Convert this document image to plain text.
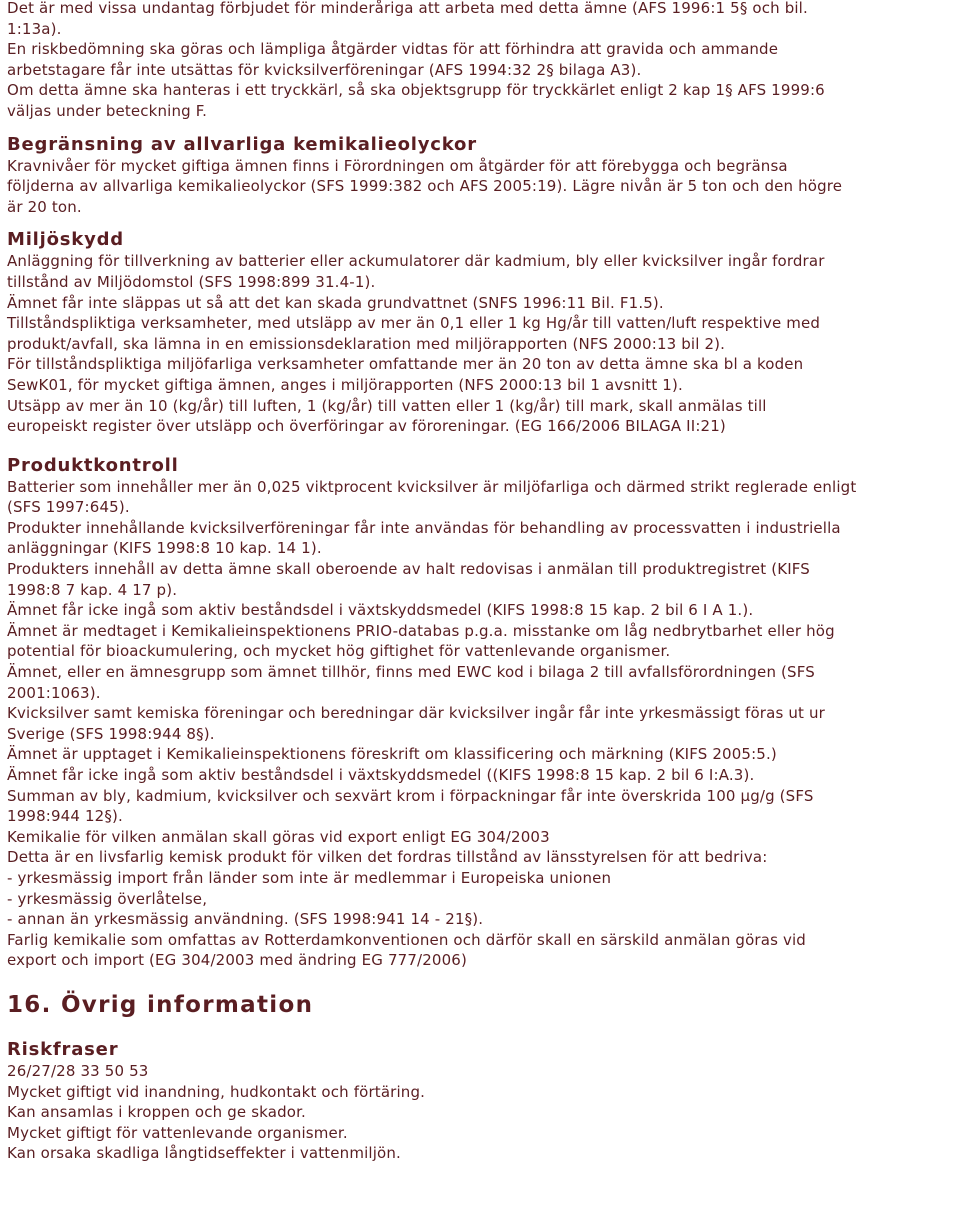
Det är med vissa undantag förbjudet för minderåriga att arbeta med detta ämne (AFS 1996:1 5§ och bil.
1:13a).
En riskbedömning ska göras och lämpliga åtgärder vidtas för att förhindra att gravida och ammande
arbetstagare får inte utsättas för kvicksilverföreningar (AFS 1994:32 2§ bilaga A3).
Om detta ämne ska hanteras i ett tryckkärl, så ska objektsgrupp för tryckkärlet enligt 2 kap 1§ AFS 1999:6
väljas under beteckning F.
Begränsning av allvarliga kemikalieolyckor
Kravnivåer för mycket giftiga ämnen finns i Förordningen om åtgärder för att förebygga och begränsa
följderna av allvarliga kemikalieolyckor (SFS 1999:382 och AFS 2005:19). Lägre nivån är 5 ton och den högre
är 20 ton.
Miljöskydd
Anläggning för tillverkning av batterier eller ackumulatorer där kadmium, bly eller kvicksilver ingår fordrar
tillstånd av Miljödomstol (SFS 1998:899 31.4-1).
Ämnet får inte släppas ut så att det kan skada grundvattnet (SNFS 1996:11 Bil. F1.5).
Tillståndspliktiga verksamheter, med utsläpp av mer än 0,1 eller 1 kg Hg/år till vatten/luft respektive med
produkt/avfall, ska lämna in en emissionsdeklaration med miljörapporten (NFS 2000:13 bil 2).
För tillståndspliktiga miljöfarliga verksamheter omfattande mer än 20 ton av detta ämne ska bl a koden
SewK01, för mycket giftiga ämnen, anges i miljörapporten (NFS 2000:13 bil 1 avsnitt 1).
Utsäpp av mer än 10 (kg/år) till luften, 1 (kg/år) till vatten eller 1 (kg/år) till mark, skall anmälas till
europeiskt register över utsläpp och överföringar av föroreningar. (EG 166/2006 BILAGA II:21)
Produktkontroll
Batterier som innehåller mer än 0,025 viktprocent kvicksilver är miljöfarliga och därmed strikt reglerade enligt
(SFS 1997:645).
Produkter innehållande kvicksilverföreningar får inte användas för behandling av processvatten i industriella
anläggningar (KIFS 1998:8 10 kap. 14 1).
Produkters innehåll av detta ämne skall oberoende av halt redovisas i anmälan till produktregistret (KIFS
1998:8 7 kap. 4 17 p).
Ämnet får icke ingå som aktiv beståndsdel i växtskyddsmedel (KIFS 1998:8 15 kap. 2 bil 6 I A 1.).
Ämnet är medtaget i Kemikalieinspektionens PRIO-databas p.g.a. misstanke om låg nedbrytbarhet eller hög
potential för bioackumulering, och mycket hög giftighet för vattenlevande organismer.
Ämnet, eller en ämnesgrupp som ämnet tillhör, finns med EWC kod i bilaga 2 till avfallsförordningen (SFS
2001:1063).
Kvicksilver samt kemiska föreningar och beredningar där kvicksilver ingår får inte yrkesmässigt föras ut ur
Sverige (SFS 1998:944 8§).
Ämnet är upptaget i Kemikalieinspektionens föreskrift om klassificering och märkning (KIFS 2005:5.)
Ämnet får icke ingå som aktiv beståndsdel i växtskyddsmedel ((KIFS 1998:8 15 kap. 2 bil 6 I:A.3).
Summan av bly, kadmium, kvicksilver och sexvärt krom i förpackningar får inte överskrida 100 µg/g (SFS
1998:944 12§).
Kemikalie för vilken anmälan skall göras vid export enligt EG 304/2003
Detta är en livsfarlig kemisk produkt för vilken det fordras tillstånd av länsstyrelsen för att bedriva:
- yrkesmässig import från länder som inte är medlemmar i Europeiska unionen
- yrkesmässig överlåtelse,
- annan än yrkesmässig användning. (SFS 1998:941 14 - 21§).
Farlig kemikalie som omfattas av Rotterdamkonventionen och därför skall en särskild anmälan göras vid
export och import (EG 304/2003 med ändring EG 777/2006)
16. Övrig information
Riskfraser
26/27/28 33 50 53
Mycket giftigt vid inandning, hudkontakt och förtäring.
Kan ansamlas i kroppen och ge skador.
Mycket giftigt för vattenlevande organismer.
Kan orsaka skadliga långtidseffekter i vattenmiljön.
